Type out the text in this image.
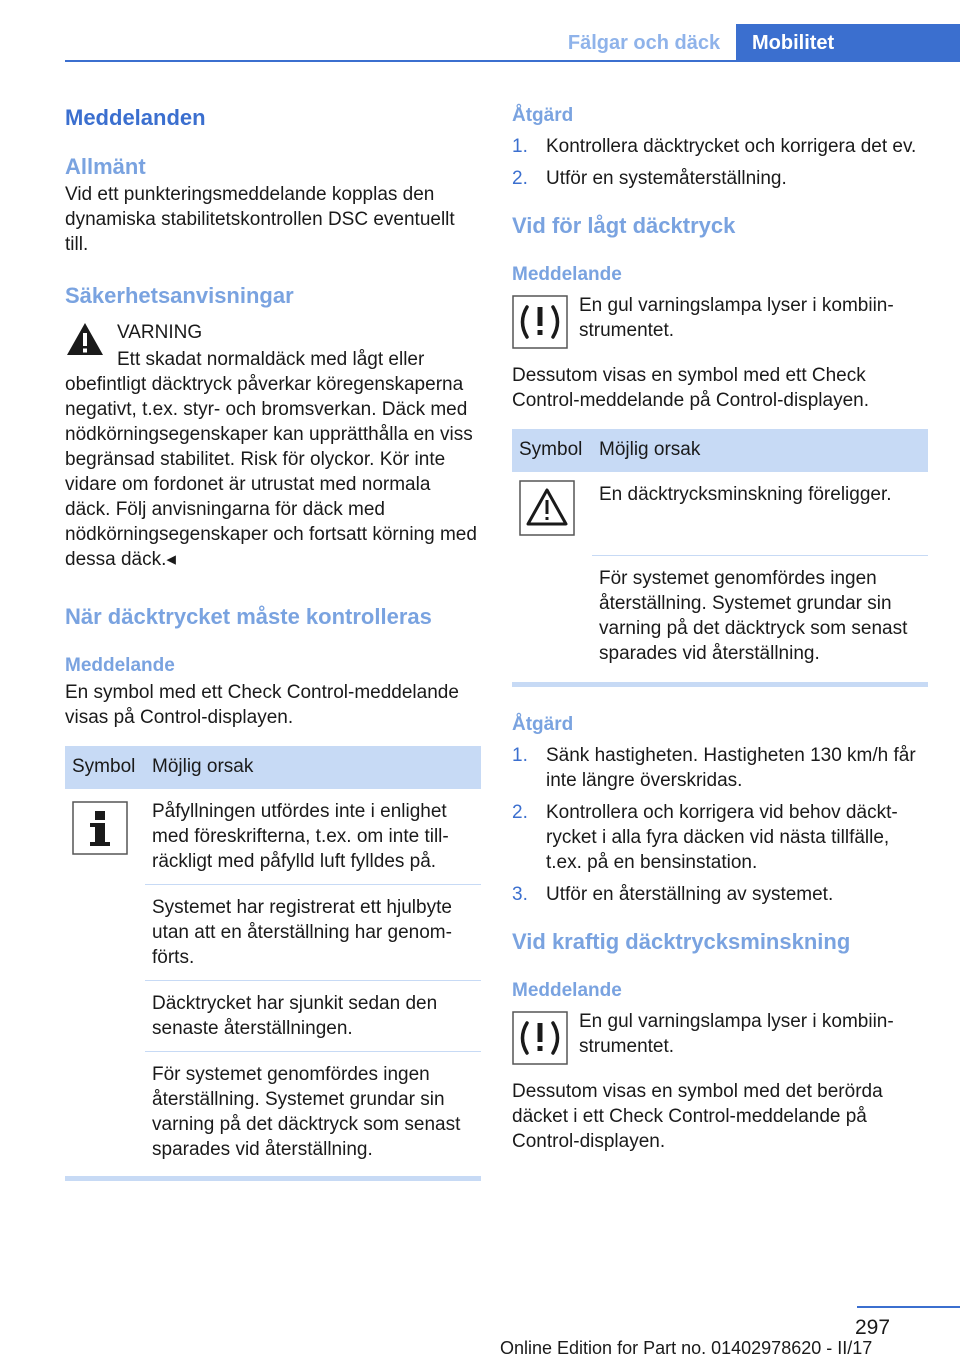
Fälgar och däck	Mobilitet
Meddelanden
Allmänt
Vid ett punkteringsmeddelande kopplas den dynamiska stabilitetskontrollen DSC eventuellt till.
Säkerhetsanvisningar
VARNING
Ett skadat normaldäck med lågt eller
obefintligt däcktryck påverkar köregenskaperna negativt, t.ex. styr- och bromsverkan. Däck med nödkörningsegenskaper kan upprätthålla en viss begränsad stabilitet. Risk för olyckor. Kör inte vidare om fordonet är utrustat med normala däck. Följ anvisningarna för däck med nödkörningsegenskaper och fortsatt körning med dessa däck.◂
När däcktrycket måste kontrolleras
Meddelande
En symbol med ett Check Control-meddelande visas på Control-displayen.
Symbol	Möjlig orsak
	Påfyllningen utfördes inte i enlighet med föreskrifterna, t.ex. om inte tillräckligt med påfylld luft fylldes på.
	Systemet har registrerat ett hjulbyte utan att en återställning har genomförts.
	Däcktrycket har sjunkit sedan den senaste återställningen.
	För systemet genomfördes ingen återställning. Systemet grundar sin varning på det däcktryck som senast sparades vid återställning.
Åtgärd
1. Kontrollera däcktrycket och korrigera det ev.
2. Utför en systemåterställning.
Vid för lågt däcktryck
Meddelande
En gul varningslampa lyser i kombiinstrumentet.
Dessutom visas en symbol med ett Check Control-meddelande på Control-displayen.
Symbol	Möjlig orsak
	En däcktrycksminskning föreligger.
	För systemet genomfördes ingen återställning. Systemet grundar sin varning på det däcktryck som senast sparades vid återställning.
Åtgärd
1. Sänk hastigheten. Hastigheten 130 km/h får inte längre överskridas.
2. Kontrollera och korrigera vid behov däcktrycket i alla fyra däcken vid nästa tillfälle, t.ex. på en bensinstation.
3. Utför en återställning av systemet.
Vid kraftig däcktrycksminskning
Meddelande
En gul varningslampa lyser i kombiinstrumentet.
Dessutom visas en symbol med det berörda däcket i ett Check Control-meddelande på Control-displayen.
297
Online Edition for Part no. 01402978620 - II/17
